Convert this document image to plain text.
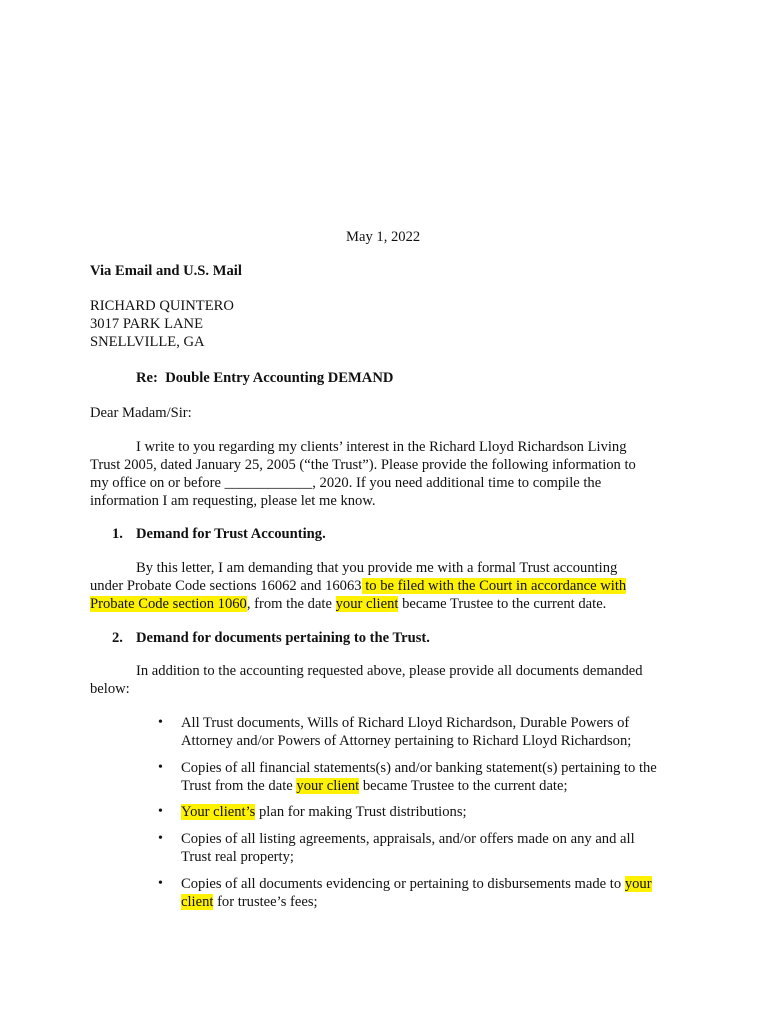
May 1, 2022
Via Email and U.S. Mail
RICHARD QUINTERO
3017 PARK LANE
SNELLVILLE, GA
Re: Double Entry Accounting DEMAND
Dear Madam/Sir:
I write to you regarding my clients’ interest in the Richard Lloyd Richardson Living
Trust 2005, dated January 25, 2005 (“the Trust”). Please provide the following information to
my office on or before ____________, 2020. If you need additional time to compile the
information I am requesting, please let me know.
1. Demand for Trust Accounting.
By this letter, I am demanding that you provide me with a formal Trust accounting
under Probate Code sections 16062 and 16063 to be filed with the Court in accordance with
Probate Code section 1060, from the date your client became Trustee to the current date.
2. Demand for documents pertaining to the Trust.
In addition to the accounting requested above, please provide all documents demanded
below:
• All Trust documents, Wills of Richard Lloyd Richardson, Durable Powers of
Attorney and/or Powers of Attorney pertaining to Richard Lloyd Richardson;
• Copies of all financial statements(s) and/or banking statement(s) pertaining to the
Trust from the date your client became Trustee to the current date;
• Your client’s plan for making Trust distributions;
• Copies of all listing agreements, appraisals, and/or offers made on any and all
Trust real property;
• Copies of all documents evidencing or pertaining to disbursements made to your
client for trustee’s fees;
